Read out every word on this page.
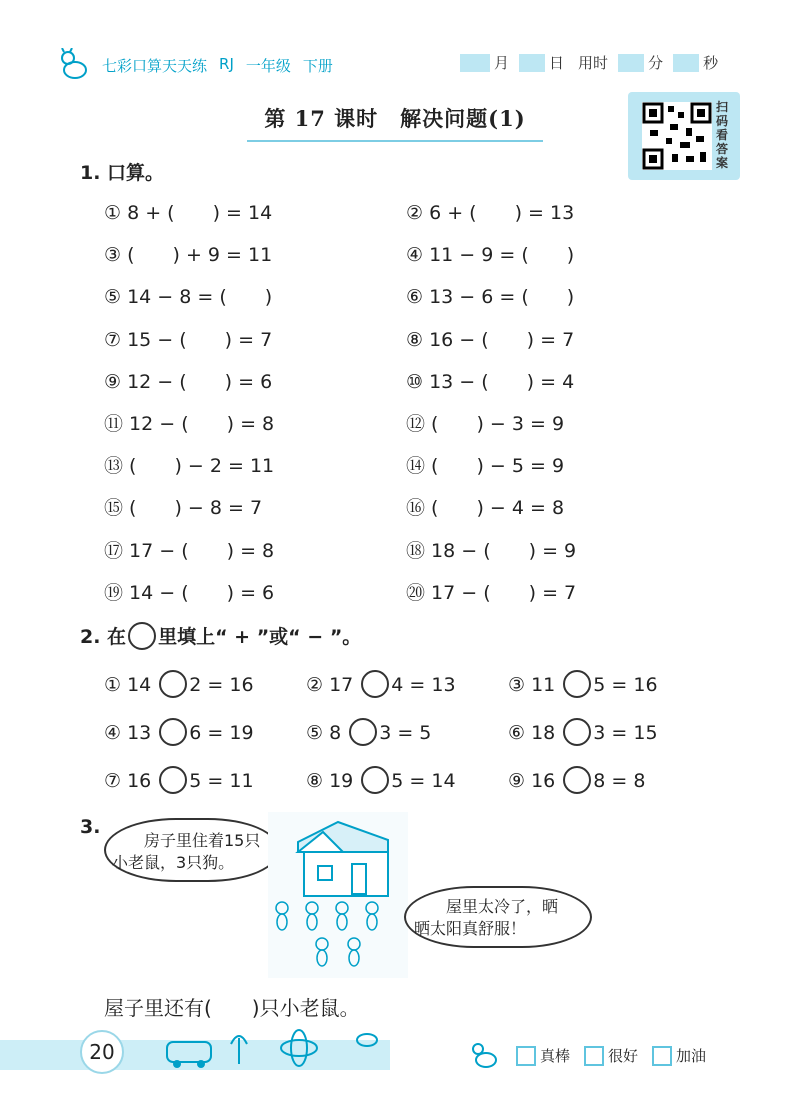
七彩口算天天练 RJ 一年级 下册	月	日 用时	分	秒
第 17 课时　解决问题(1)	扫码看答案
1. 口算。
① 8 + (　　) = 14	② 6 + (　　) = 13
③ (　　) + 9 = 11	④ 11 − 9 = (　　)
⑤ 14 − 8 = (　　)	⑥ 13 − 6 = (　　)
⑦ 15 − (　　) = 7	⑧ 16 − (　　) = 7
⑨ 12 − (　　) = 6	⑩ 13 − (　　) = 4
⑪ 12 − (　　) = 8	⑫ (　　) − 3 = 9
⑬ (　　) − 2 = 11	⑭ (　　) − 5 = 9
⑮ (　　) − 8 = 7	⑯ (　　) − 4 = 8
⑰ 17 − (　　) = 8	⑱ 18 − (　　) = 9
⑲ 14 − (　　) = 6	⑳ 17 − (　　) = 7
2. 在 里填上“ + ”或“ − ”。
① 14 2 = 16	② 17 4 = 13	③ 11 5 = 16
④ 13 6 = 19	⑤ 8 3 = 5	⑥ 18 3 = 15
⑦ 16 5 = 11	⑧ 19 5 = 14	⑨ 16 8 = 8
3.
房子里住着15只
小老鼠，3只狗。
屋里太冷了，晒
晒太阳真舒服！
屋子里还有(　　)只小老鼠。
20	真棒	很好	加油
